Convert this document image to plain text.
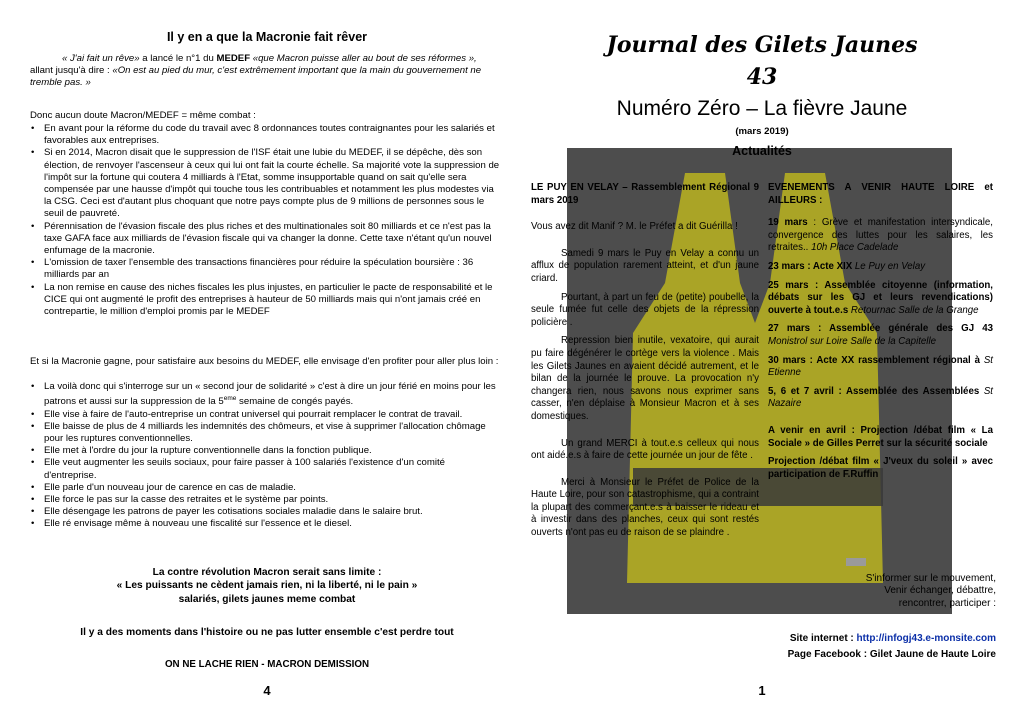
Il y en a que la Macronie fait rêver
« J'ai fait un rêve» a lancé le n°1 du MEDEF «que Macron puisse aller au bout de ses réformes »,
allant jusqu'à dire : «On est au pied du mur, c'est extrêmement important que la main du gouvernement ne tremble pas. »
Donc aucun doute Macron/MEDEF = même combat :
• En avant pour la réforme du code du travail avec 8 ordonnances toutes contraignantes pour les salariés et favorables aux entreprises.
• Si en 2014, Macron disait que le suppression de l'ISF était une lubie du MEDEF, il se dépêche, dès son élection, de renvoyer l'ascenseur à ceux qui lui ont fait la courte échelle. Sa majorité vote la suppression de l'impôt sur la fortune qui coutera 4 milliards à l'Etat, somme insupportable quand on sait qu'elle sera compensée par une hausse d'impôt qui touche tous les contribuables et notamment les plus modestes via la CSG. Ceci est d'autant plus choquant que notre pays compte plus de 9 millions de personnes sous le seuil de pauvreté.
• Pérennisation de l'évasion fiscale des plus riches et des multinationales soit 80 milliards et ce n'est pas la taxe GAFA face aux milliards de l'évasion fiscale qui va changer la donne. Cette taxe n'étant qu'un nouvel enfumage de la macronie.
• L'omission de taxer l'ensemble des transactions financières pour réduire la spéculation boursière : 36 milliards par an
• La non remise en cause des niches fiscales les plus injustes, en particulier le pacte de responsabilité et le CICE qui ont augmenté le profit des entreprises à hauteur de 50 milliards mais qui n'ont jamais créé en contrepartie, le million d'emploi promis par le MEDEF
Et si la Macronie gagne, pour satisfaire aux besoins du MEDEF, elle envisage d'en profiter pour aller plus loin :
• La voilà donc qui s'interroge sur un « second jour de solidarité » c'est à dire un jour férié en moins pour les patrons et aussi sur la suppression de la 5eme semaine de congés payés.
• Elle vise à faire de l'auto-entreprise un contrat universel qui pourrait remplacer le contrat de travail.
• Elle baisse de plus de 4 milliards les indemnités des chômeurs, et vise à supprimer l'allocation chômage pour les ruptures conventionnelles.
• Elle met à l'ordre du jour la rupture conventionnelle dans la fonction publique.
• Elle veut augmenter les seuils sociaux, pour faire passer à 100 salariés l'existence d'un comité d'entreprise.
• Elle parle d'un nouveau jour de carence en cas de maladie.
• Elle force le pas sur la casse des retraites et le système par points.
• Elle désengage les patrons de payer les cotisations sociales maladie dans le salaire brut.
• Elle ré envisage même à nouveau une fiscalité sur l'essence et le diesel.
La contre révolution Macron serait sans limite :
« Les puissants ne cèdent jamais rien, ni la liberté, ni le pain »
salariés, gilets jaunes meme combat
Il y a des moments dans l'histoire ou ne pas lutter ensemble c'est perdre tout
ON NE LACHE RIEN - MACRON DEMISSION
4
Journal des Gilets Jaunes
43
Numéro Zéro – La fièvre Jaune
(mars 2019)
Actualités

LE PUY EN VELAY – Rassemblement Régional 9 mars 2019

Vous avez dit Manif ? M. le Préfet a dit Guérilla !

Samedi 9 mars le Puy en Velay a connu un afflux de population rarement atteint, et d'un jaune criard.

Pourtant, à part un feu de (petite) poubelle, la seule fumée fut celle des objets de la répression policière .

Repression bien inutile, vexatoire, qui aurait pu faire dégénérer le cortège vers la violence . Mais les Gilets Jaunes en avaient décidé autrement, et le bilan de la journée le prouve. La provocation n'y changera rien, nous savons nous exprimer sans casser, n'en déplaise à Monsieur Macron et à ses domestiques.

Un grand MERCI à tout.e.s celleux qui nous ont aidé.e.s à faire de cette journée un jour de fête .

Merci à Monsieur le Préfet de Police de la Haute Loire, pour son catastrophisme, qui a contraint la plupart des commerçant.e.s à baisser le rideau et à investir dans des planches, ceux qui sont restés ouverts n'ont pas eu de raison de se plaindre .

EVENEMENTS A VENIR HAUTE LOIRE et AILLEURS :

19 mars : Grève et manifestation intersyndicale, convergence des luttes pour les salaires, les retraites.. 10h Place Cadelade

23 mars : Acte XIX Le Puy en Velay

25 mars : Assemblée citoyenne (information, débats sur les GJ et leurs revendications) ouverte à tout.e.s Retournac Salle de la Grange

27 mars : Assemblée générale des GJ 43 Monistrol sur Loire Salle de la Capitelle

30 mars : Acte XX rassemblement régional à St Etienne

5, 6 et 7 avril : Assemblée des Assemblées St Nazaire

A venir en avril : Projection /débat film « La Sociale » de Gilles Perret sur la sécurité sociale

Projection /débat film « J'veux du soleil » avec participation de F.Ruffin

S'informer sur le mouvement,
Venir échanger, débattre,
rencontrer, participer :
Site internet : http://infogj43.e-monsite.com
Page Facebook : Gilet Jaune de Haute Loire
1
